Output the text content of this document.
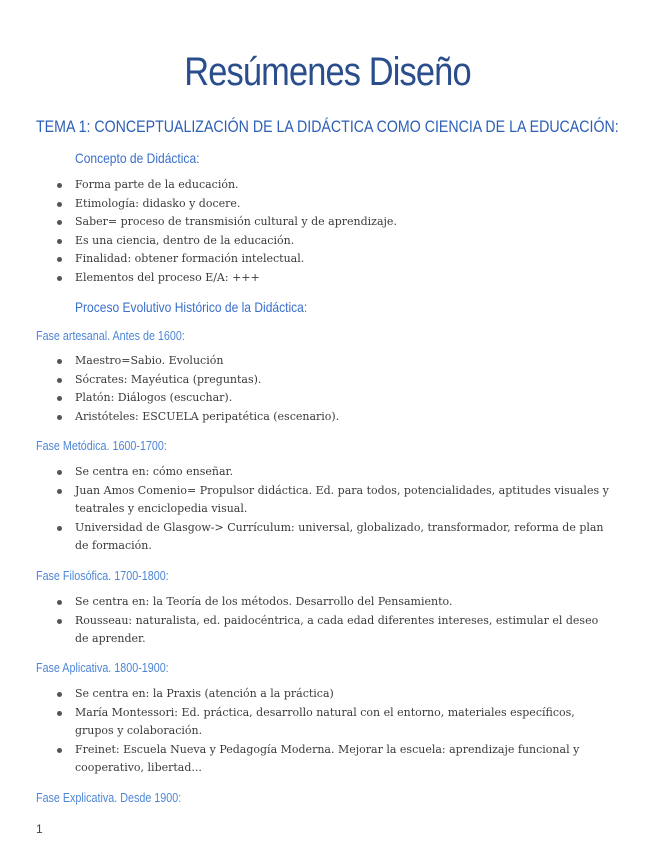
Resúmenes Diseño
TEMA 1: CONCEPTUALIZACIÓN DE LA DIDÁCTICA COMO CIENCIA DE LA EDUCACIÓN:
Concepto de Didáctica:
Forma parte de la educación.
Etimología: didasko y docere.
Saber= proceso de transmisión cultural y de aprendizaje.
Es una ciencia, dentro de la educación.
Finalidad: obtener formación intelectual.
Elementos del proceso E/A: +++
Proceso Evolutivo Histórico de la Didáctica:
Fase artesanal. Antes de 1600:
Maestro=Sabio. Evolución
Sócrates: Mayéutica (preguntas).
Platón: Diálogos (escuchar).
Aristóteles: ESCUELA peripatética (escenario).
Fase Metódica. 1600-1700:
Se centra en: cómo enseñar.
Juan Amos Comenio= Propulsor didáctica. Ed. para todos, potencialidades, aptitudes visuales y teatrales y enciclopedia visual.
Universidad de Glasgow-> Currículum: universal, globalizado, transformador, reforma de plan de formación.
Fase Filosófica. 1700-1800:
Se centra en: la Teoría de los métodos. Desarrollo del Pensamiento.
Rousseau: naturalista, ed. paidocéntrica, a cada edad diferentes intereses, estimular el deseo de aprender.
Fase Aplicativa. 1800-1900:
Se centra en: la Praxis (atención a la práctica)
María Montessori: Ed. práctica, desarrollo natural con el entorno, materiales específicos, grupos y colaboración.
Freinet: Escuela Nueva y Pedagogía Moderna. Mejorar la escuela: aprendizaje funcional y cooperativo, libertad...
Fase Explicativa. Desde 1900:
1
